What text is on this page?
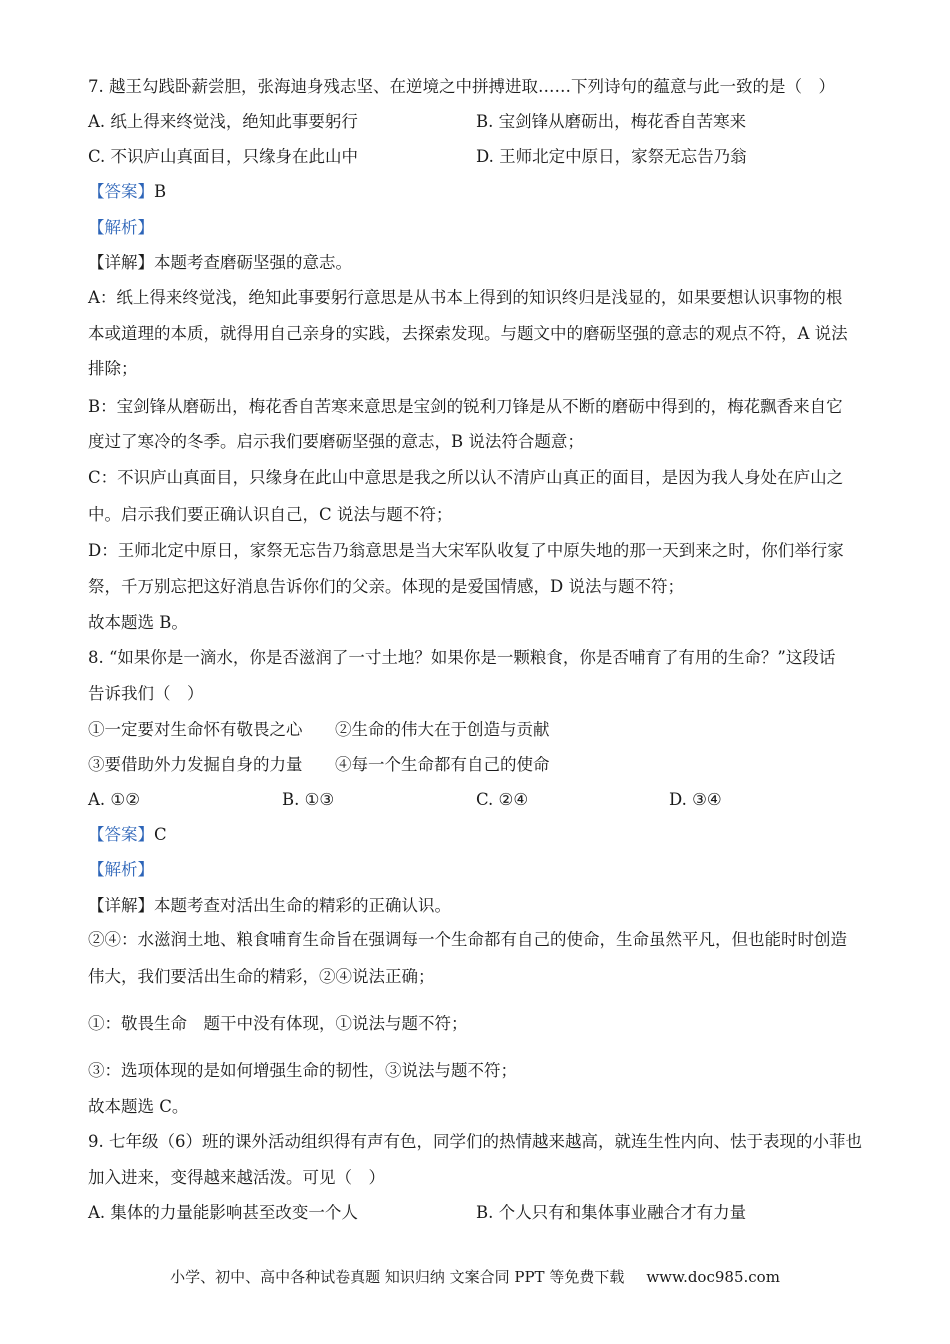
7. 越王勾践卧薪尝胆，张海迪身残志坚、在逆境之中拼搏进取……下列诗句的蕴意与此一致的是（　）
A. 纸上得来终觉浅，绝知此事要躬行	B. 宝剑锋从磨砺出，梅花香自苦寒来
C. 不识庐山真面目，只缘身在此山中	D. 王师北定中原日，家祭无忘告乃翁
【答案】B
【解析】
【详解】本题考查磨砺坚强的意志。
A：纸上得来终觉浅，绝知此事要躬行意思是从书本上得到的知识终归是浅显的，如果要想认识事物的根
本或道理的本质，就得用自己亲身的实践，去探索发现。与题文中的磨砺坚强的意志的观点不符，A 说法
排除；
B：宝剑锋从磨砺出，梅花香自苦寒来意思是宝剑的锐利刀锋是从不断的磨砺中得到的，梅花飘香来自它
度过了寒冷的冬季。启示我们要磨砺坚强的意志，B 说法符合题意；
C：不识庐山真面目，只缘身在此山中意思是我之所以认不清庐山真正的面目，是因为我人身处在庐山之
中。启示我们要正确认识自己，C 说法与题不符；
D：王师北定中原日，家祭无忘告乃翁意思是当大宋军队收复了中原失地的那一天到来之时，你们举行家
祭，千万别忘把这好消息告诉你们的父亲。体现的是爱国情感，D 说法与题不符；
故本题选 B。
8. “如果你是一滴水，你是否滋润了一寸土地？如果你是一颗粮食，你是否哺育了有用的生命？”这段话
告诉我们（　）
①一定要对生命怀有敬畏之心 ②生命的伟大在于创造与贡献
③要借助外力发掘自身的力量 ④每一个生命都有自己的使命
A. ①②	B. ①③	C. ②④	D. ③④
【答案】C
【解析】
【详解】本题考查对活出生命的精彩的正确认识。
②④：水滋润土地、粮食哺育生命旨在强调每一个生命都有自己的使命，生命虽然平凡，但也能时时创造
伟大，我们要活出生命的精彩，②④说法正确；
①：敬畏生命　题干中没有体现，①说法与题不符；
③：选项体现的是如何增强生命的韧性，③说法与题不符；
故本题选 C。
9. 七年级（6）班的课外活动组织得有声有色，同学们的热情越来越高，就连生性内向、怯于表现的小菲也
加入进来，变得越来越活泼。可见（　）
A. 集体的力量能影响甚至改变一个人	B. 个人只有和集体事业融合才有力量
小学、初中、高中各种试卷真题 知识归纳 文案合同 PPT 等免费下载 www.doc985.com
